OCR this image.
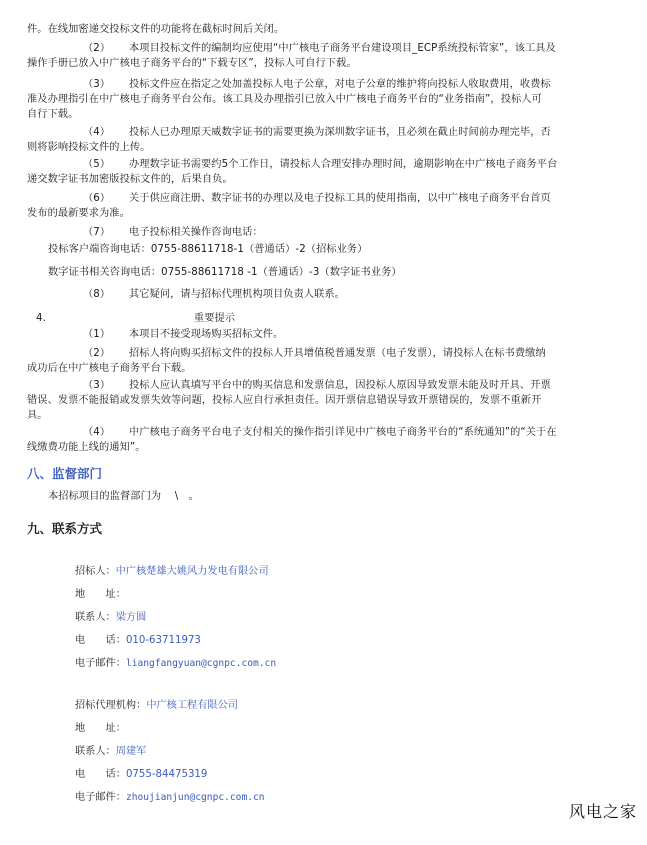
件。在线加密递交投标文件的功能将在截标时间后关闭。
（2） 本项目投标文件的编制均应使用“中广核电子商务平台建设项目_ECP系统投标管家”，该工具及
操作手册已放入中广核电子商务平台的“下载专区”，投标人可自行下载。
（3） 投标文件应在指定之处加盖投标人电子公章，对电子公章的维护将向投标人收取费用，收费标
准及办理指引在中广核电子商务平台公布。该工具及办理指引已放入中广核电子商务平台的“业务指南”，投标人可
自行下载。
（4） 投标人已办理原天威数字证书的需要更换为深圳数字证书，且必须在截止时间前办理完毕，否
则将影响投标文件的上传。
（5） 办理数字证书需要约5个工作日，请投标人合理安排办理时间，逾期影响在中广核电子商务平台
递交数字证书加密版投标文件的，后果自负。
（6） 关于供应商注册、数字证书的办理以及电子投标工具的使用指南，以中广核电子商务平台首页
发布的最新要求为准。
（7） 电子投标相关操作咨询电话：
投标客户端咨询电话：0755-88611718-1（普通话）-2（招标业务）
数字证书相关咨询电话：0755-88611718 -1（普通话）-3（数字证书业务）
（8） 其它疑问，请与招标代理机构项目负责人联系。
4.	重要提示
（1） 本项目不接受现场购买招标文件。
（2） 招标人将向购买招标文件的投标人开具增值税普通发票（电子发票），请投标人在标书费缴纳
成功后在中广核电子商务平台下载。
（3） 投标人应认真填写平台中的购买信息和发票信息，因投标人原因导致发票未能及时开具、开票
错误、发票不能报销或发票失效等问题，投标人应自行承担责任。因开票信息错误导致开票错误的，发票不重新开
具。
（4） 中广核电子商务平台电子支付相关的操作指引详见中广核电子商务平台的“系统通知”的“关于在
线缴费功能上线的通知”。
八、监督部门
本招标项目的监督部门为　 \　。
九、联系方式
招标人：中广核楚雄大姚风力发电有限公司
地　　址：
联系人：梁方圆
电　　话：010-63711973
电子邮件：liangfangyuan@cgnpc.com.cn
招标代理机构：中广核工程有限公司
地　　址：
联系人：周建军
电　　话：0755-84475319
电子邮件：zhoujianjun@cgnpc.com.cn
风电之家
